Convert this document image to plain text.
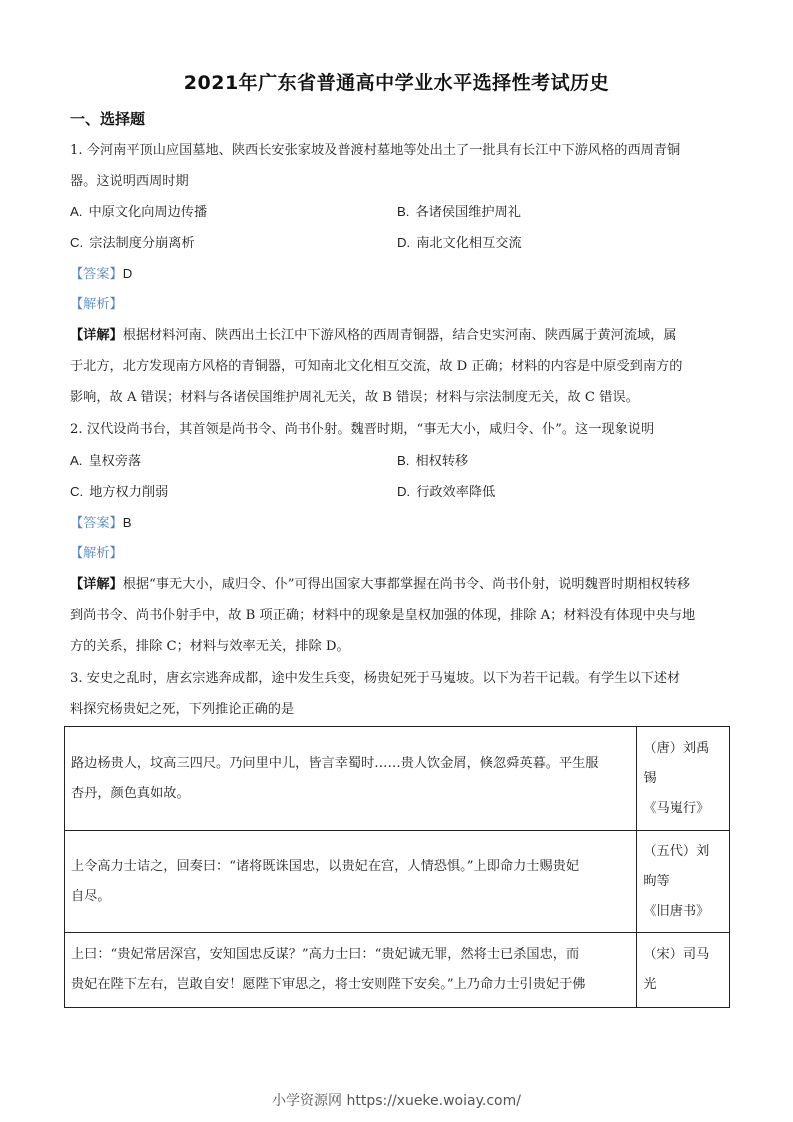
2021年广东省普通高中学业水平选择性考试历史
一、选择题
1. 今河南平顶山应国墓地、陕西长安张家坡及普渡村墓地等处出土了一批具有长江中下游风格的西周青铜
器。这说明西周时期
A. 中原文化向周边传播	B. 各诸侯国维护周礼
C. 宗法制度分崩离析	D. 南北文化相互交流
【答案】D
【解析】
【详解】根据材料河南、陕西出土长江中下游风格的西周青铜器，结合史实河南、陕西属于黄河流域，属
于北方，北方发现南方风格的青铜器，可知南北文化相互交流，故 D 正确；材料的内容是中原受到南方的
影响，故 A 错误；材料与各诸侯国维护周礼无关，故 B 错误；材料与宗法制度无关，故 C 错误。
2. 汉代设尚书台，其首领是尚书令、尚书仆射。魏晋时期，“事无大小，咸归令、仆”。这一现象说明
A. 皇权旁落	B. 相权转移
C. 地方权力削弱	D. 行政效率降低
【答案】B
【解析】
【详解】根据“事无大小，咸归令、仆”可得出国家大事都掌握在尚书令、尚书仆射，说明魏晋时期相权转移
到尚书令、尚书仆射手中，故 B 项正确；材料中的现象是皇权加强的体现，排除 A；材料没有体现中央与地
方的关系，排除 C；材料与效率无关，排除 D。
3. 安史之乱时，唐玄宗逃奔成都，途中发生兵变，杨贵妃死于马嵬坡。以下为若干记载。有学生以下述材
料探究杨贵妃之死，下列推论正确的是
路边杨贵人，坟高三四尺。乃问里中儿，皆言幸蜀时……贵人饮金屑，倏忽舜英暮。平生服
杏丹，颜色真如故。

（唐）刘禹
锡
《马嵬行》

上令高力士诘之，回奏曰：“诸将既诛国忠，以贵妃在宫，人情恐惧。”上即命力士赐贵妃
自尽。

（五代）刘
昫等
《旧唐书》

上曰：“贵妃常居深宫，安知国忠反谋？”高力士曰：“贵妃诚无罪，然将士已杀国忠，而
贵妃在陛下左右，岂敢自安！愿陛下审思之，将士安则陛下安矣。”上乃命力士引贵妃于佛

（宋）司马
光
小学资源网 https://xueke.woiay.com/
